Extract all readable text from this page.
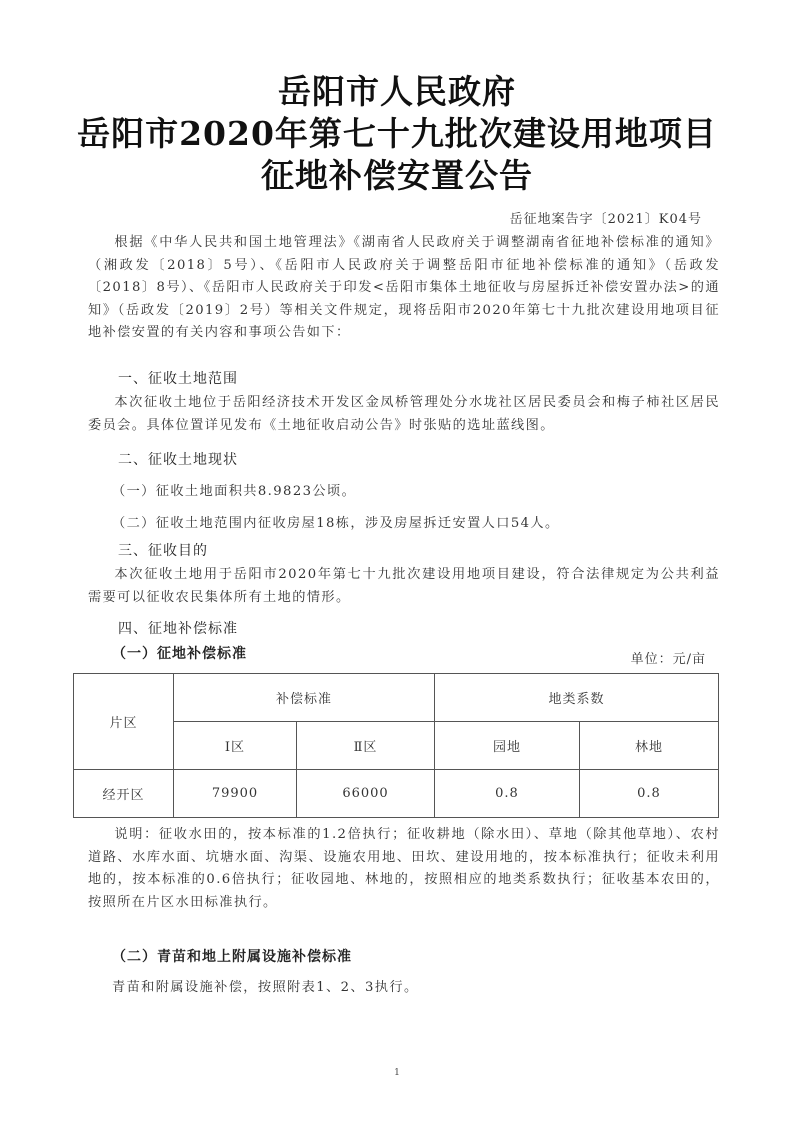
岳阳市人民政府
岳阳市2020年第七十九批次建设用地项目
征地补偿安置公告
岳征地案告字〔2021〕K04号

根据《中华人民共和国土地管理法》《湖南省人民政府关于调整湖南省征地补偿标准的通知》（湘政发〔2018〕5号）、《岳阳市人民政府关于调整岳阳市征地补偿标准的通知》（岳政发〔2018〕8号）、《岳阳市人民政府关于印发<岳阳市集体土地征收与房屋拆迁补偿安置办法>的通知》（岳政发〔2019〕2号）等相关文件规定，现将岳阳市2020年第七十九批次建设用地项目征地补偿安置的有关内容和事项公告如下：

一、征收土地范围

本次征收土地位于岳阳经济技术开发区金凤桥管理处分水垅社区居民委员会和梅子柿社区居民委员会。具体位置详见发布《土地征收启动公告》时张贴的选址蓝线图。

二、征收土地现状
（一）征收土地面积共8.9823公顷。
（二）征收土地范围内征收房屋18栋，涉及房屋拆迁安置人口54人。
三、征收目的

本次征收土地用于岳阳市2020年第七十九批次建设用地项目建设，符合法律规定为公共利益需要可以征收农民集体所有土地的情形。

四、征地补偿标准
（一）征地补偿标准	单位：元/亩
片区	补偿标准		地类系数	
	Ⅰ区	Ⅱ区	园地	林地
经开区	79900	66000	0.8	0.8

说明：征收水田的，按本标准的1.2倍执行；征收耕地（除水田）、草地（除其他草地）、农村道路、水库水面、坑塘水面、沟渠、设施农用地、田坎、建设用地的，按本标准执行；征收未利用地的，按本标准的0.6倍执行；征收园地、林地的，按照相应的地类系数执行；征收基本农田的，按照所在片区水田标准执行。

（二）青苗和地上附属设施补偿标准
青苗和附属设施补偿，按照附表1、2、3执行。
1
